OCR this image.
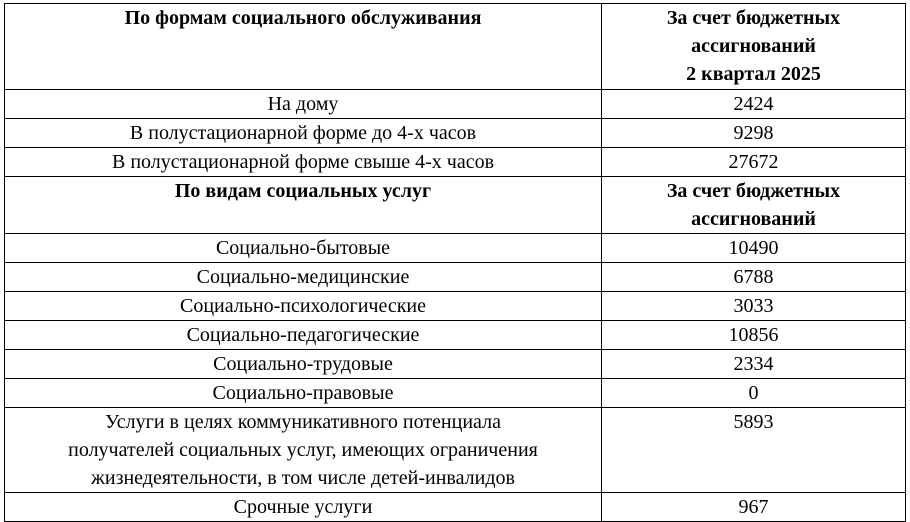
По формам социального обслуживания	За счет бюджетных
ассигнований
2 квартал 2025

На дому	2424
В полустационарной форме до 4-х часов	9298
В полустационарной форме свыше 4-х часов	27672
По видам социальных услуг	За счет бюджетных
ассигнований

Социально-бытовые	10490
Социально-медицинские	6788
Социально-психологические	3033
Социально-педагогические	10856
Социально-трудовые	2334
Социально-правовые	0

Услуги в целях коммуникативного потенциала
получателей социальных услуг, имеющих ограничения
жизнедеятельности, в том числе детей-инвалидов	5893
Срочные услуги	967
